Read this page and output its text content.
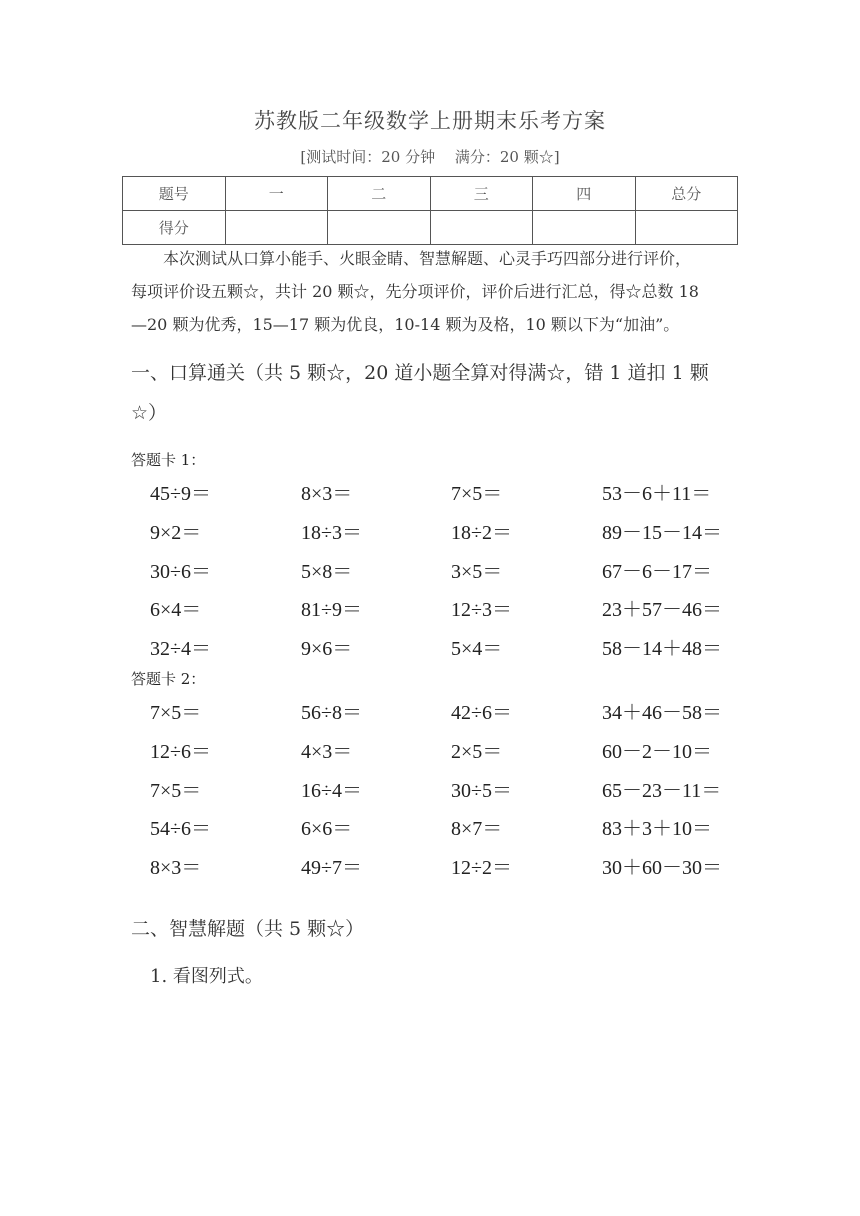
苏教版二年级数学上册期末乐考方案
[测试时间：20 分钟　 满分：20 颗☆]
题号	一	二	三	四	总分
得分					
本次测试从口算小能手、火眼金睛、智慧解题、心灵手巧四部分进行评价，
每项评价设五颗☆，共计 20 颗☆，先分项评价，评价后进行汇总，得☆总数 18
—20 颗为优秀，15—17 颗为优良，10-14 颗为及格，10 颗以下为“加油”。
一、口算通关（共 5 颗☆，20 道小题全算对得满☆，错 1 道扣 1 颗
☆）
答题卡 1：
45÷9＝	8×3＝	7×5＝	53－6＋11＝
9×2＝	18÷3＝	18÷2＝	89－15－14＝
30÷6＝	5×8＝	3×5＝	67－6－17＝
6×4＝	81÷9＝	12÷3＝	23＋57－46＝
32÷4＝	9×6＝	5×4＝	58－14＋48＝
答题卡 2：
7×5＝	56÷8＝	42÷6＝	34＋46－58＝
12÷6＝	4×3＝	2×5＝	60－2－10＝
7×5＝	16÷4＝	30÷5＝	65－23－11＝
54÷6＝	6×6＝	8×7＝	83＋3＋10＝
8×3＝	49÷7＝	12÷2＝	30＋60－30＝
二、智慧解题（共 5 颗☆）
1. 看图列式。
